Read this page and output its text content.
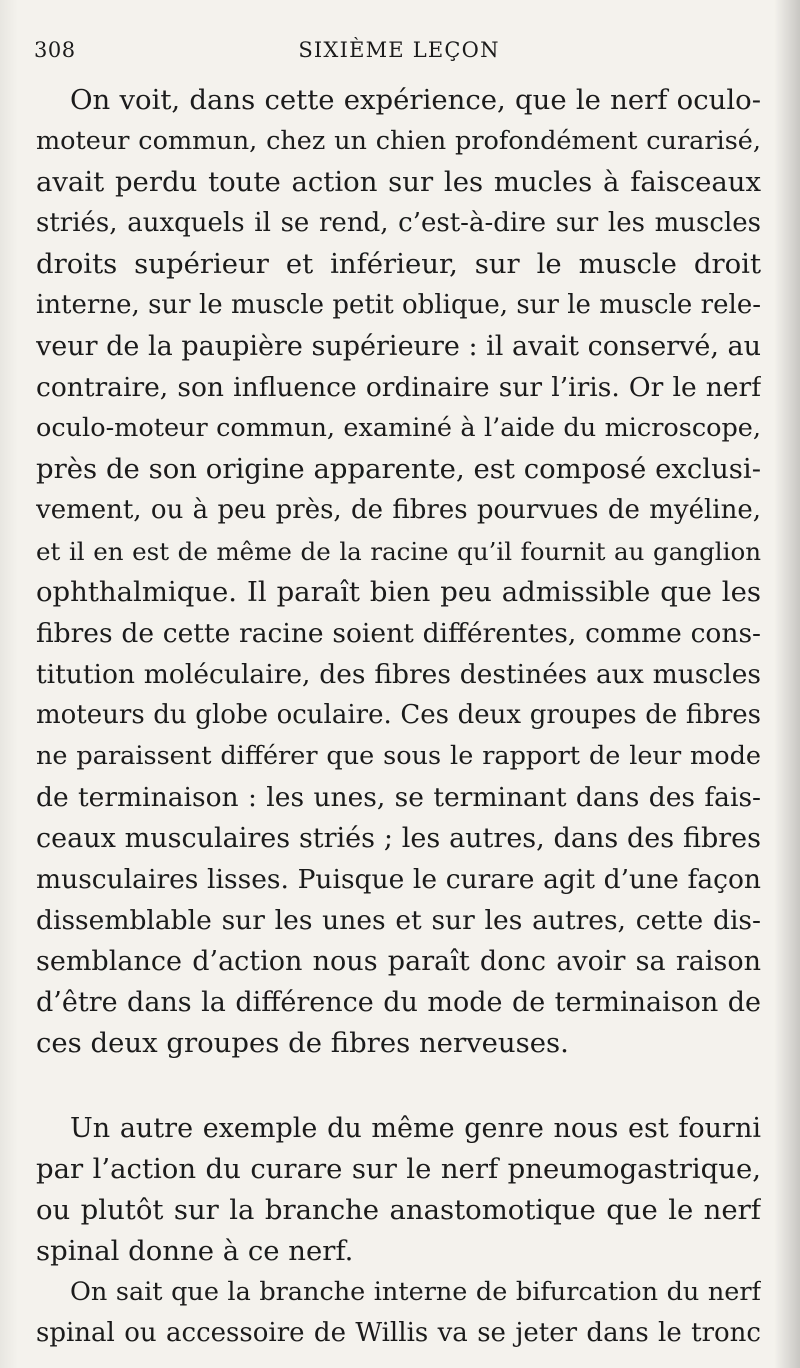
308	SIXIÈME LEÇON
On voit, dans cette expérience, que le nerf oculo-
moteur commun, chez un chien profondément curarisé,
avait perdu toute action sur les mucles à faisceaux
striés, auxquels il se rend, c’est-à-dire sur les muscles
droits supérieur et inférieur, sur le muscle droit
interne, sur le muscle petit oblique, sur le muscle rele-
veur de la paupière supérieure : il avait conservé, au
contraire, son influence ordinaire sur l’iris. Or le nerf
oculo-moteur commun, examiné à l’aide du microscope,
près de son origine apparente, est composé exclusi-
vement, ou à peu près, de fibres pourvues de myéline,
et il en est de même de la racine qu’il fournit au ganglion
ophthalmique. Il paraît bien peu admissible que les
fibres de cette racine soient différentes, comme cons-
titution moléculaire, des fibres destinées aux muscles
moteurs du globe oculaire. Ces deux groupes de fibres
ne paraissent différer que sous le rapport de leur mode
de terminaison : les unes, se terminant dans des fais-
ceaux musculaires striés ; les autres, dans des fibres
musculaires lisses. Puisque le curare agit d’une façon
dissemblable sur les unes et sur les autres, cette dis-
semblance d’action nous paraît donc avoir sa raison
d’être dans la différence du mode de terminaison de
ces deux groupes de fibres nerveuses.
Un autre exemple du même genre nous est fourni
par l’action du curare sur le nerf pneumogastrique,
ou plutôt sur la branche anastomotique que le nerf
spinal donne à ce nerf.
On sait que la branche interne de bifurcation du nerf
spinal ou accessoire de Willis va se jeter dans le tronc
